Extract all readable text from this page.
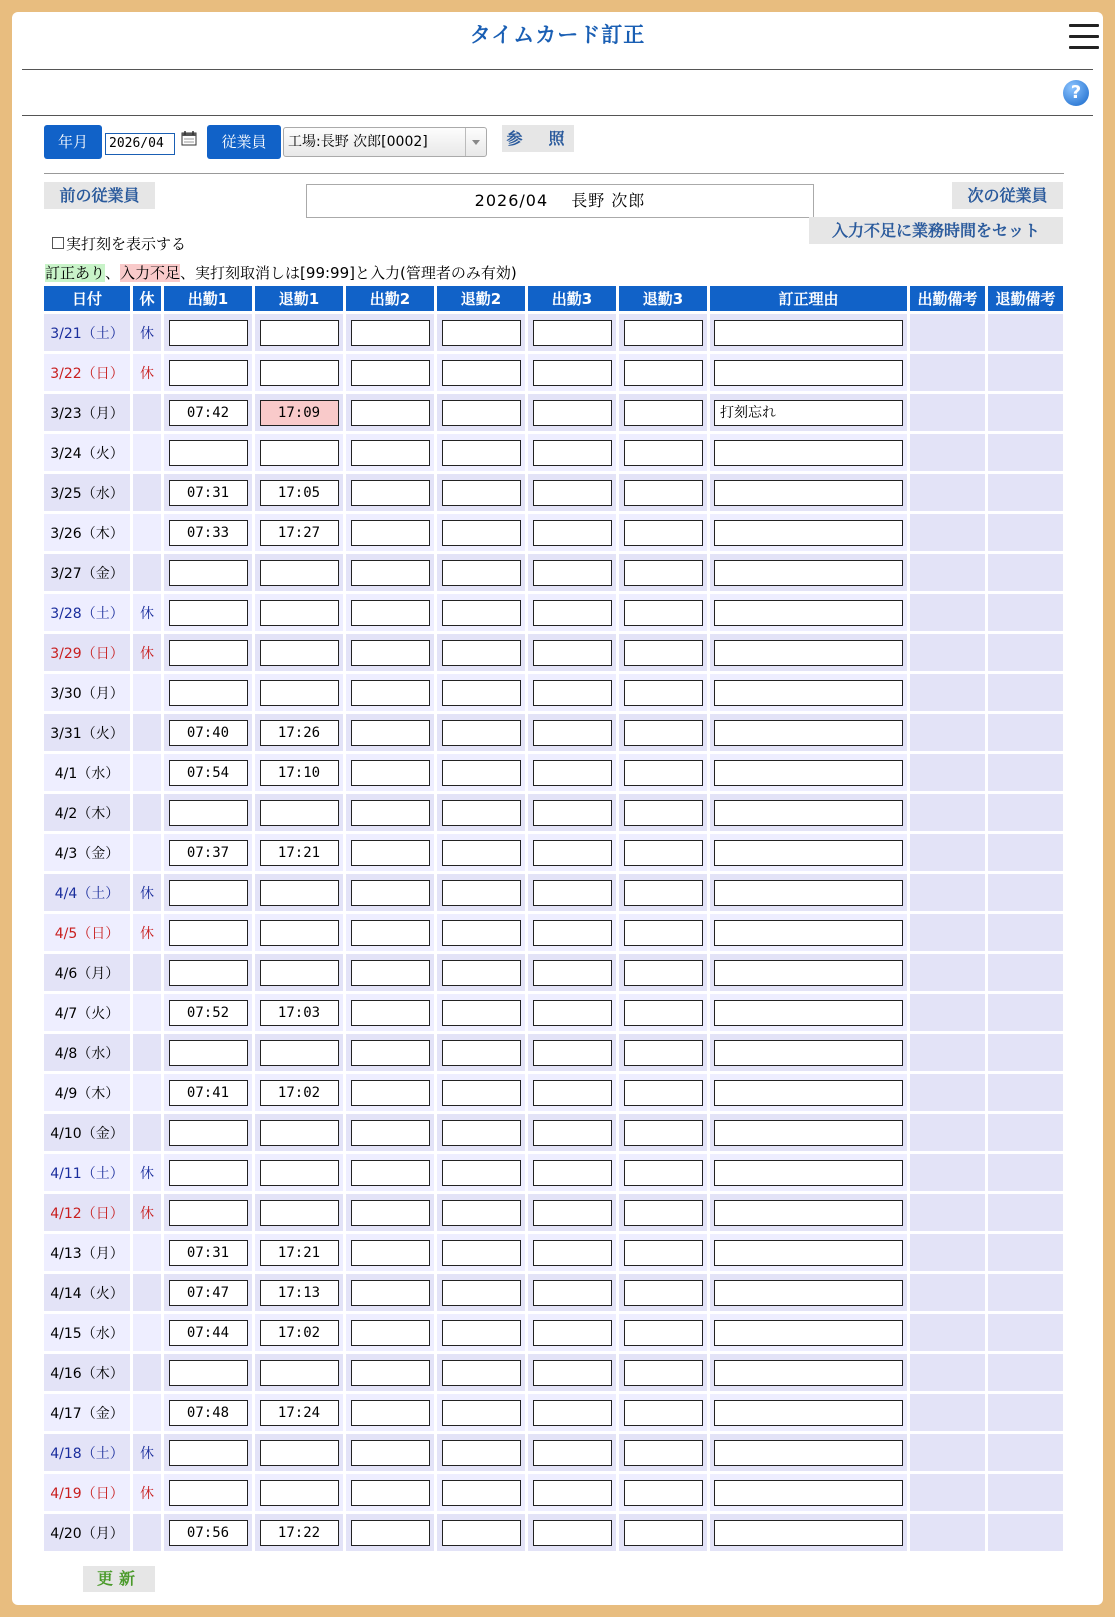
タイムカード訂正
?
年月	2026/04	従業員	工場:長野 次郎[0002]	参　照
前の従業員	2026/04　 長野 次郎	次の従業員
入力不足に業務時間をセット
実打刻を表示する
訂正あり、入力不足、実打刻取消しは[99:99]と入力(管理者のみ有効)
日付	休	出勤1	退勤1	出勤2	退勤2	出勤3	退勤3	訂正理由	出勤備考	退勤備考
3/21（土）	休	

3/22（日）	休	

3/23（月）		07:42	17:09					打刻忘れ		

3/24（火）		

3/25（水）		07:31	17:05							

3/26（木）		07:33	17:27							

3/27（金）		

3/28（土）	休	

3/29（日）	休	

3/30（月）		

3/31（火）		07:40	17:26							

4/1（水）		07:54	17:10							

4/2（木）		

4/3（金）		07:37	17:21							

4/4（土）	休	

4/5（日）	休	

4/6（月）		

4/7（火）		07:52	17:03							

4/8（水）		

4/9（木）		07:41	17:02							

4/10（金）		

4/11（土）	休	

4/12（日）	休	

4/13（月）		07:31	17:21							

4/14（火）		07:47	17:13							

4/15（水）		07:44	17:02							

4/16（木）		

4/17（金）		07:48	17:24							

4/18（土）	休	

4/19（日）	休	

4/20（月）		07:56	17:22							

更新
